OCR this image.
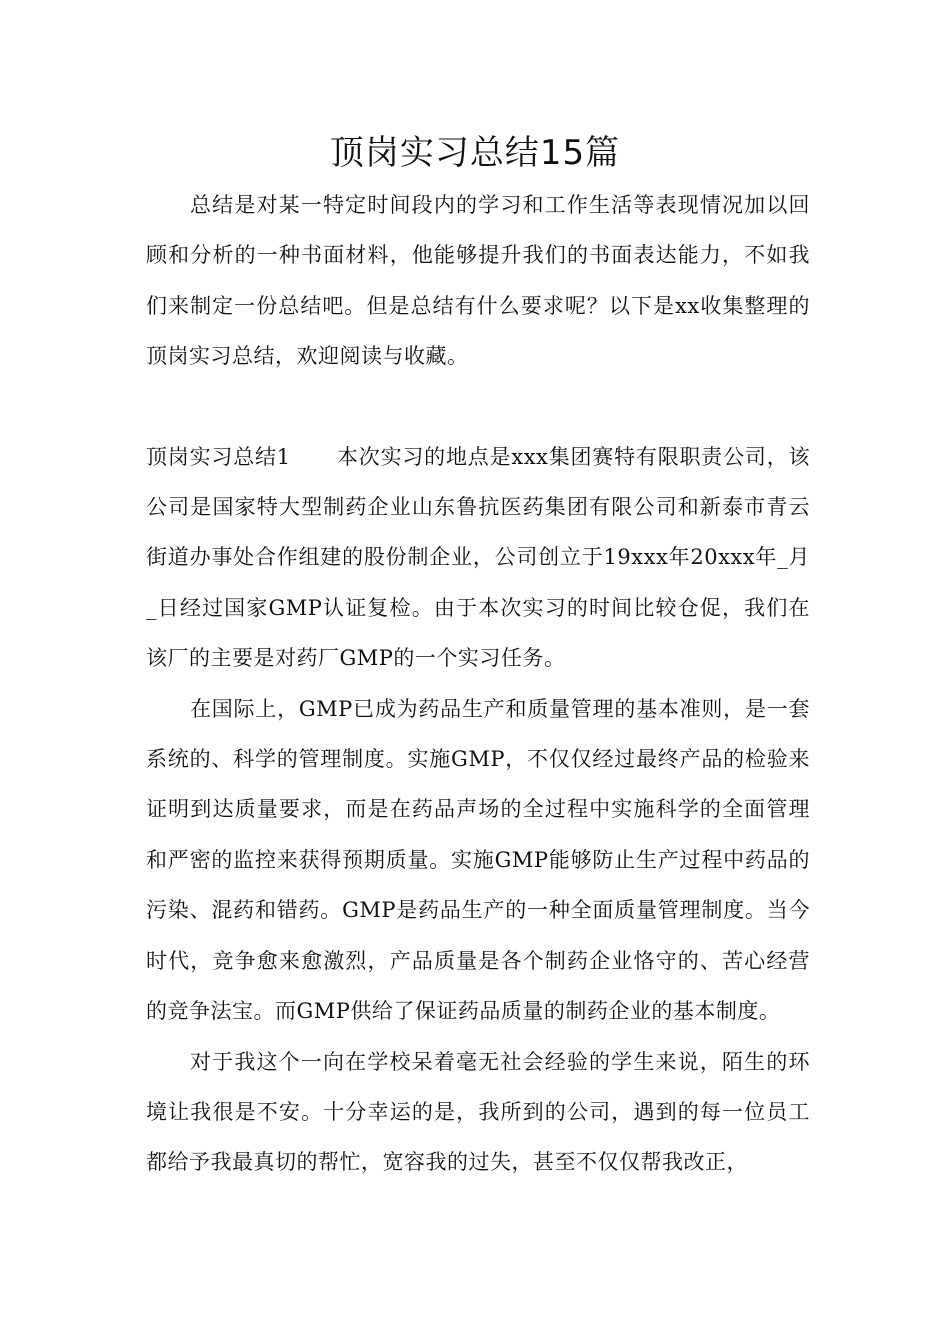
顶岗实习总结15篇

总结是对某一特定时间段内的学习和工作生活等表现情况加以回顾和分析的一种书面材料，他能够提升我们的书面表达能力，不如我们来制定一份总结吧。但是总结有什么要求呢？以下是xx收集整理的顶岗实习总结，欢迎阅读与收藏。

顶岗实习总结1 本次实习的地点是xxx集团赛特有限职责公司，该公司是国家特大型制药企业山东鲁抗医药集团有限公司和新泰市青云街道办事处合作组建的股份制企业，公司创立于19xxx年20xxx年_月_日经过国家GMP认证复检。由于本次实习的时间比较仓促，我们在该厂的主要是对药厂GMP的一个实习任务。

在国际上，GMP已成为药品生产和质量管理的基本准则，是一套系统的、科学的管理制度。实施GMP，不仅仅经过最终产品的检验来证明到达质量要求，而是在药品声场的全过程中实施科学的全面管理和严密的监控来获得预期质量。实施GMP能够防止生产过程中药品的污染、混药和错药。GMP是药品生产的一种全面质量管理制度。当今时代，竞争愈来愈激烈，产品质量是各个制药企业恪守的、苦心经营的竞争法宝。而GMP供给了保证药品质量的制药企业的基本制度。

对于我这个一向在学校呆着毫无社会经验的学生来说，陌生的环境让我很是不安。十分幸运的是，我所到的公司，遇到的每一位员工都给予我最真切的帮忙，宽容我的过失，甚至不仅仅帮我改正，
